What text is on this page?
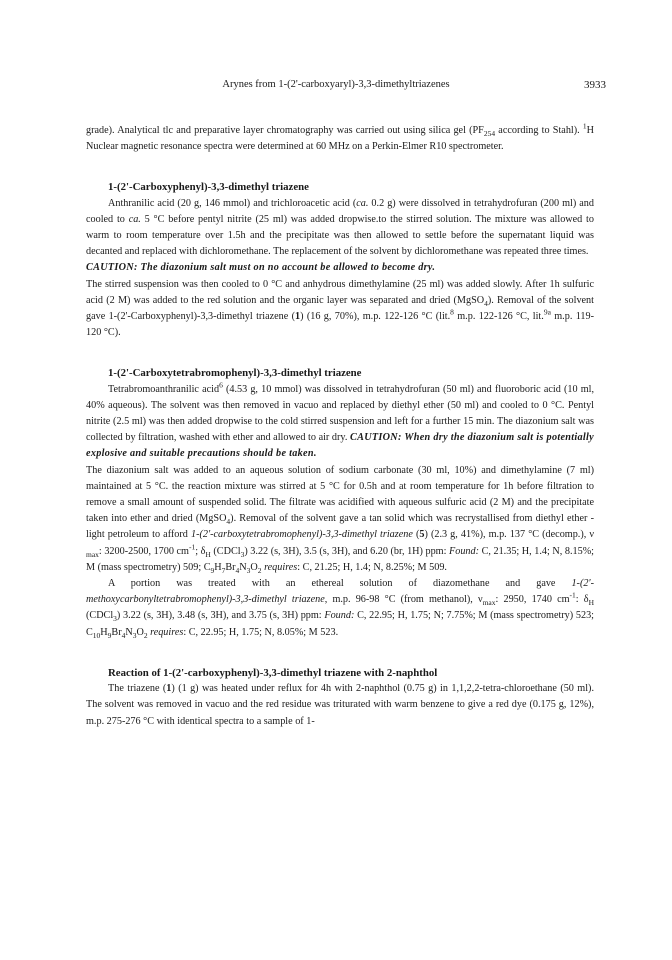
Arynes from 1-(2'-carboxyaryl)-3,3-dimethyltriazenes	3933

grade). Analytical tlc and preparative layer chromatography was carried out using silica gel ($PF_{254}$ according to Stahl). $^1$H Nuclear magnetic resonance spectra were determined at 60 MHz on a Perkin-Elmer R10 spectrometer.

1-(2'-Carboxyphenyl)-3,3-dimethyl triazene

Anthranilic acid (20 g, 146 mmol) and trichloroacetic acid (ca. 0.2 g) were dissolved in tetrahydrofuran (200 ml) and cooled to ca. 5 °C before pentyl nitrite (25 ml) was added dropwise.to the stirred solution. The mixture was allowed to warm to room temperature over 1.5h and the precipitate was then allowed to settle before the supernatant liquid was decanted and replaced with dichloromethane. The replacement of the solvent by dichloromethane was repeated three times.

CAUTION: The diazonium salt must on no account be allowed to become dry.

The stirred suspension was then cooled to 0 °C and anhydrous dimethylamine (25 ml) was added slowly. After 1h sulfuric acid (2 M) was added to the red solution and the organic layer was separated and dried (MgSO$_4$). Removal of the solvent gave 1-(2'-Carboxyphenyl)-3,3-dimethyl triazene (1) (16 g, 70%), m.p. 122-126 °C (lit.$^8$ m.p. 122-126 °C, lit.$^{9a}$ m.p. 119-120 °C).

1-(2'-Carboxytetrabromophenyl)-3,3-dimethyl triazene

Tetrabromoanthranilic acid$^6$ (4.53 g, 10 mmol) was dissolved in tetrahydrofuran (50 ml) and fluoroboric acid (10 ml, 40% aqueous). The solvent was then removed in vacuo and replaced by diethyl ether (50 ml) and cooled to 0 °C. Pentyl nitrite (2.5 ml) was then added dropwise to the cold stirred suspension and left for a further 15 min. The diazonium salt was collected by filtration, washed with ether and allowed to air dry. CAUTION: When dry the diazonium salt is potentially explosive and suitable precautions should be taken.

The diazonium salt was added to an aqueous solution of sodium carbonate (30 ml, 10%) and dimethylamine (7 ml) maintained at 5 °C. the reaction mixture was stirred at 5 °C for 0.5h and at room temperature for 1h before filtration to remove a small amount of suspended solid. The filtrate was acidified with aqueous sulfuric acid (2 M) and the precipitate taken into ether and dried (MgSO$_4$). Removal of the solvent gave a tan solid which was recrystallised from diethyl ether - light petroleum to afford 1-(2'-carboxytetrabromophenyl)-3,3-dimethyl triazene (5) (2.3 g, 41%), m.p. 137 °C (decomp.), ν $_{max}$: 3200-2500, 1700 $cm^{-1}$; $\delta_H$ (CDCl$_3$) 3.22 (s, 3H), 3.5 (s, 3H), and 6.20 (br, 1H) ppm: Found: C, 21.35; H, 1.4; N, 8.15%; M (mass spectrometry) 509; $C_9H_7Br_4N_3O_2$ requires: C, 21.25; H, 1.4; N, 8.25%; M 509.

A portion was treated with an ethereal solution of diazomethane and gave 1-(2'-methoxycarbonyltetrabromophenyl)-3,3-dimethyl triazene, m.p. 96-98 °C (from methanol), $\nu_{max}$: 2950, 1740 $cm^{-1}$: $\delta_H$ (CDCl$_3$) 3.22 (s, 3H), 3.48 (s, 3H), and 3.75 (s, 3H) ppm: Found: C, 22.95; H, 1.75; N; 7.75%; M (mass spectrometry) 523; $C_{10}H_9Br_4N_3O_2$ requires: C, 22.95; H, 1.75; N, 8.05%; M 523.

Reaction of 1-(2'-carboxyphenyl)-3,3-dimethyl triazene with 2-naphthol

The triazene (1) (1 g) was heated under reflux for 4h with 2-naphthol (0.75 g) in 1,1,2,2-tetra-chloroethane (50 ml). The solvent was removed in vacuo and the red residue was triturated with warm benzene to give a red dye (0.175 g, 12%), m.p. 275-276 °C with identical spectra to a sample of 1-
